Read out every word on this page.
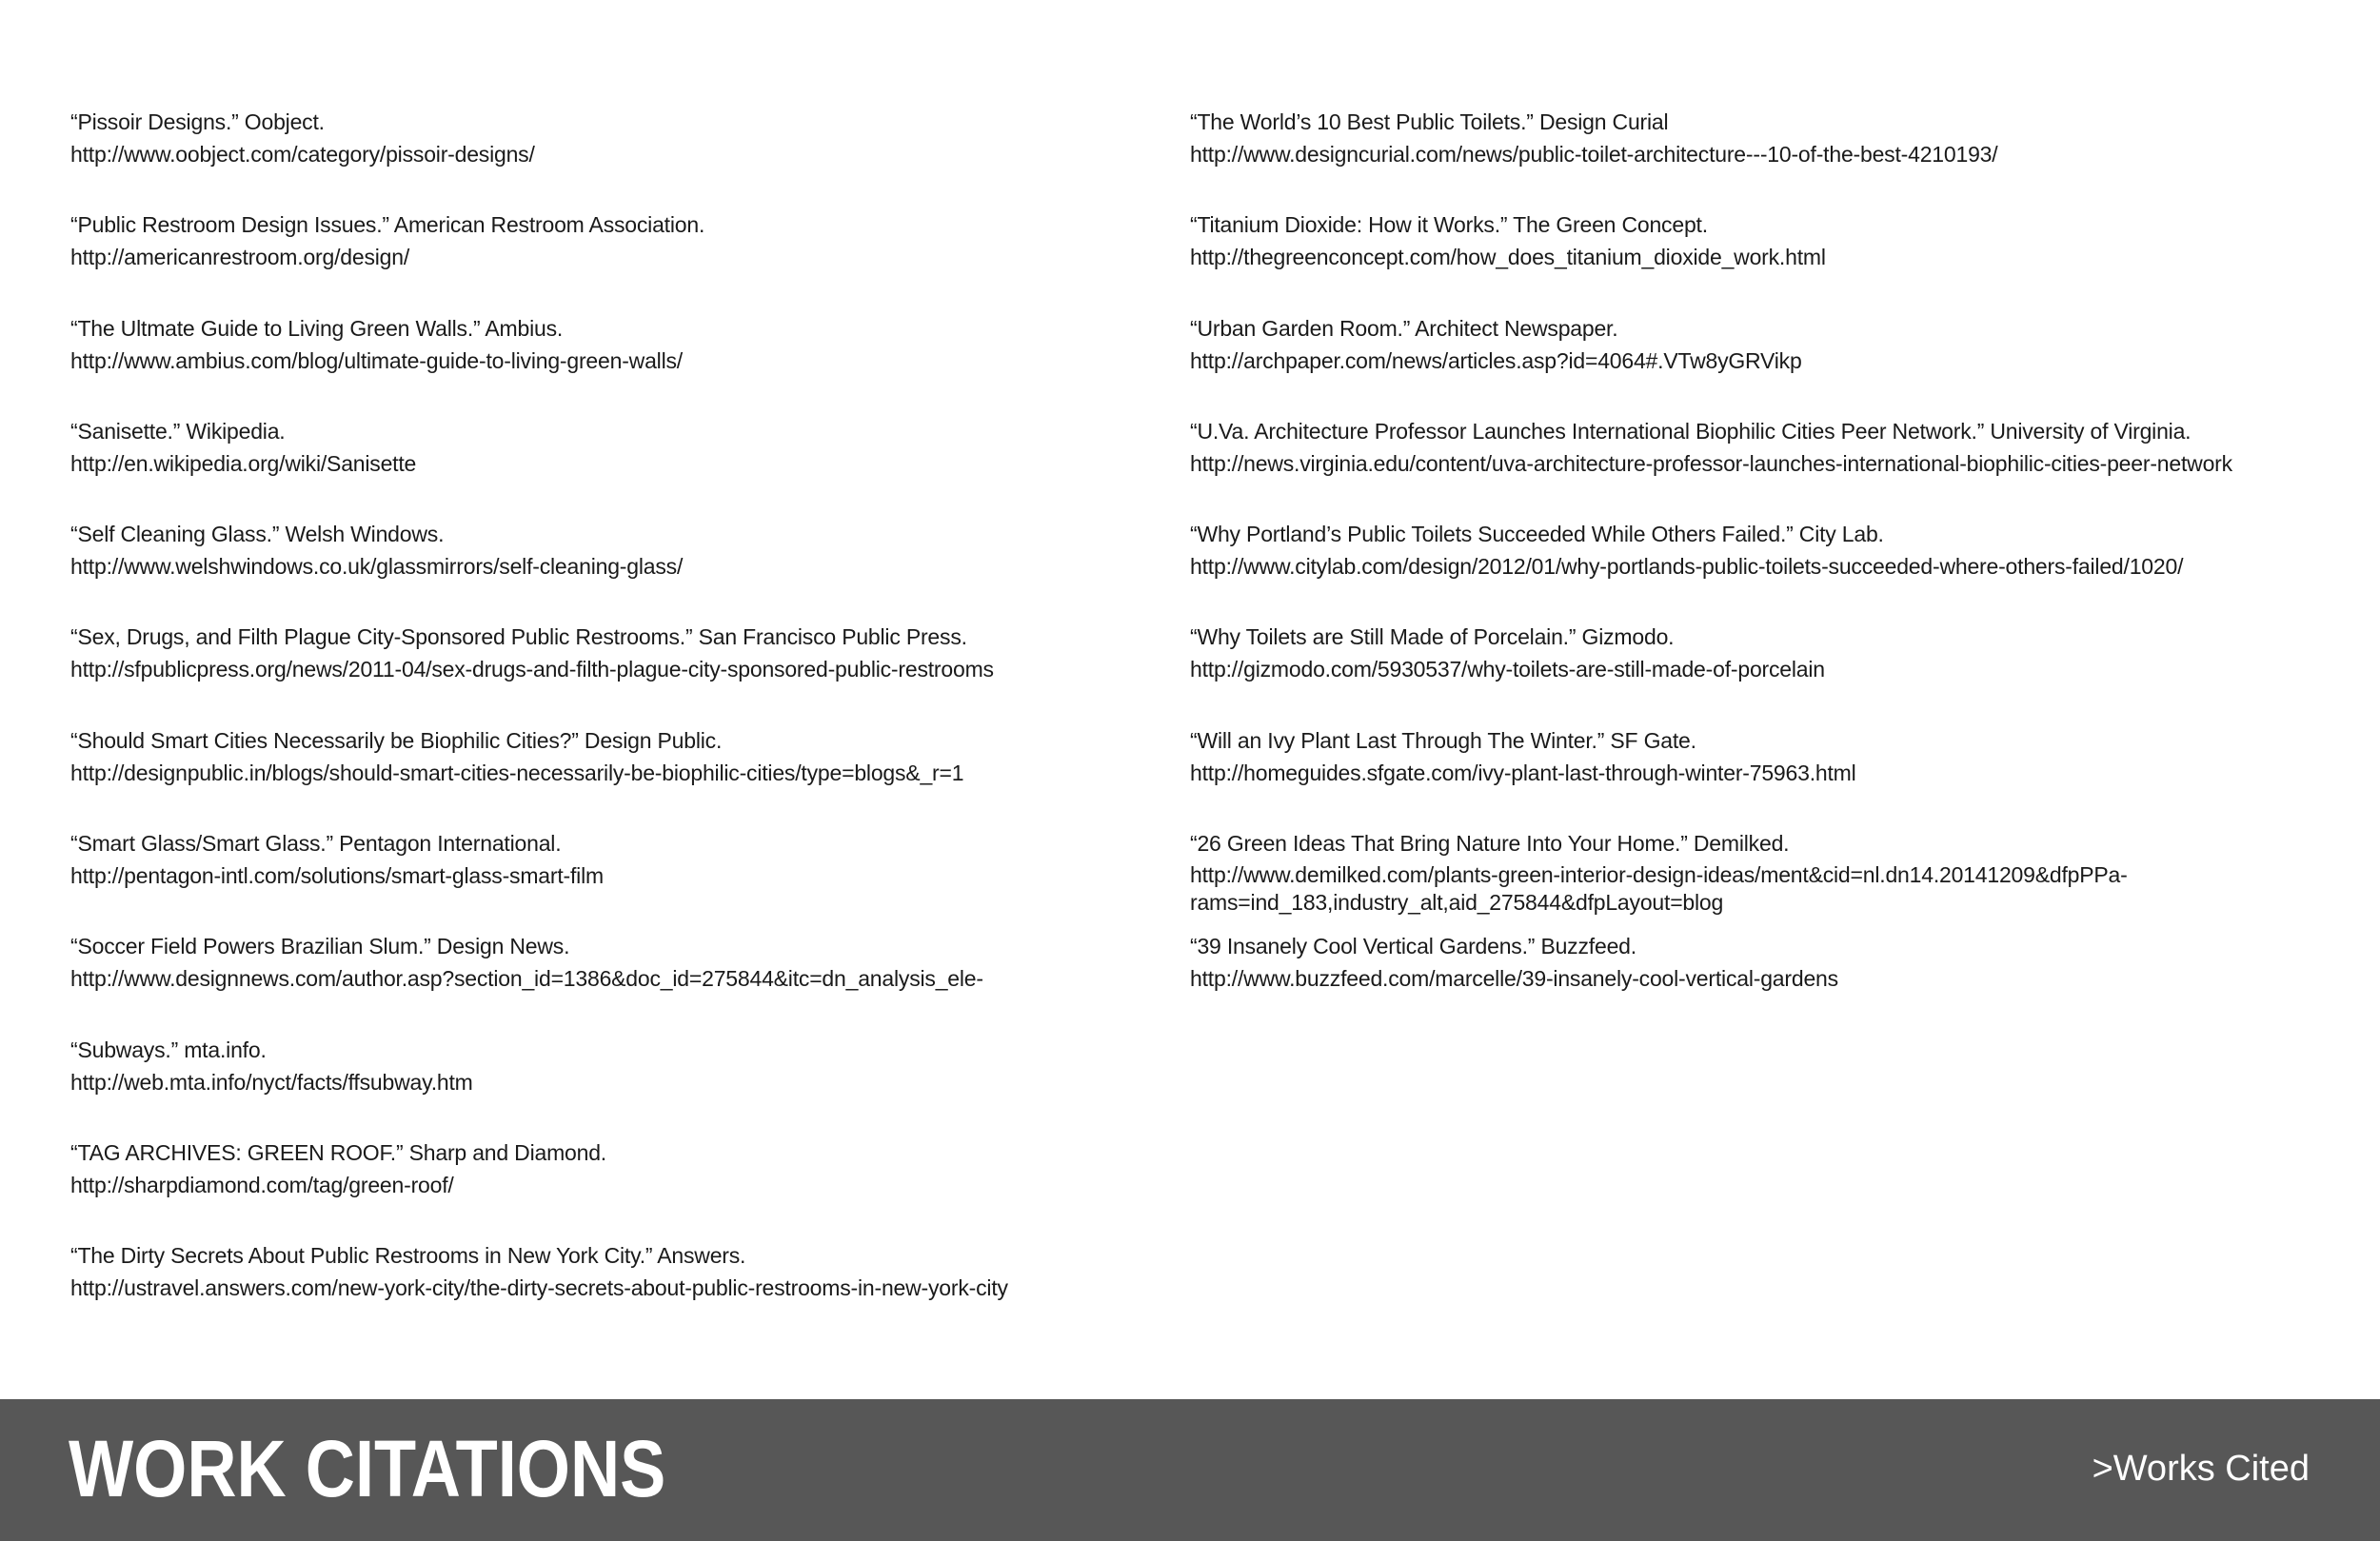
“Pissoir Designs.” Oobject.
http://www.oobject.com/category/pissoir-designs/
“Public Restroom Design Issues.” American Restroom Association.
http://americanrestroom.org/design/
“The Ultmate Guide to Living Green Walls.” Ambius.
http://www.ambius.com/blog/ultimate-guide-to-living-green-walls/
“Sanisette.” Wikipedia.
http://en.wikipedia.org/wiki/Sanisette
“Self Cleaning Glass.” Welsh Windows.
http://www.welshwindows.co.uk/glassmirrors/self-cleaning-glass/
“Sex, Drugs, and Filth Plague City-Sponsored Public Restrooms.” San Francisco Public Press.
http://sfpublicpress.org/news/2011-04/sex-drugs-and-filth-plague-city-sponsored-public-restrooms
“Should Smart Cities Necessarily be Biophilic Cities?” Design Public.
http://designpublic.in/blogs/should-smart-cities-necessarily-be-biophilic-cities/type=blogs&_r=1
“Smart Glass/Smart Glass.” Pentagon International.
http://pentagon-intl.com/solutions/smart-glass-smart-film
“Soccer Field Powers Brazilian Slum.” Design News.
http://www.designnews.com/author.asp?section_id=1386&doc_id=275844&itc=dn_analysis_ele-
“Subways.” mta.info.
http://web.mta.info/nyct/facts/ffsubway.htm
“TAG ARCHIVES: GREEN ROOF.” Sharp and Diamond.
http://sharpdiamond.com/tag/green-roof/
“The Dirty Secrets About Public Restrooms in New York City.” Answers.
http://ustravel.answers.com/new-york-city/the-dirty-secrets-about-public-restrooms-in-new-york-city
“The World’s 10 Best Public Toilets.” Design Curial
http://www.designcurial.com/news/public-toilet-architecture---10-of-the-best-4210193/
“Titanium Dioxide: How it Works.” The Green Concept.
http://thegreenconcept.com/how_does_titanium_dioxide_work.html
“Urban Garden Room.” Architect Newspaper.
http://archpaper.com/news/articles.asp?id=4064#.VTw8yGRVikp
“U.Va. Architecture Professor Launches International Biophilic Cities Peer Network.” University of Virginia.
http://news.virginia.edu/content/uva-architecture-professor-launches-international-biophilic-cities-peer-network
“Why Portland’s Public Toilets Succeeded While Others Failed.” City Lab.
http://www.citylab.com/design/2012/01/why-portlands-public-toilets-succeeded-where-others-failed/1020/
“Why Toilets are Still Made of Porcelain.” Gizmodo.
http://gizmodo.com/5930537/why-toilets-are-still-made-of-porcelain
“Will an Ivy Plant Last Through The Winter.” SF Gate.
http://homeguides.sfgate.com/ivy-plant-last-through-winter-75963.html
“26 Green Ideas That Bring Nature Into Your Home.” Demilked.
http://www.demilked.com/plants-green-interior-design-ideas/ment&cid=nl.dn14.20141209&dfpPPa-rams=ind_183,industry_alt,aid_275844&dfpLayout=blog
“39 Insanely Cool Vertical Gardens.” Buzzfeed.
http://www.buzzfeed.com/marcelle/39-insanely-cool-vertical-gardens
WORK CITATIONS	>Works Cited
